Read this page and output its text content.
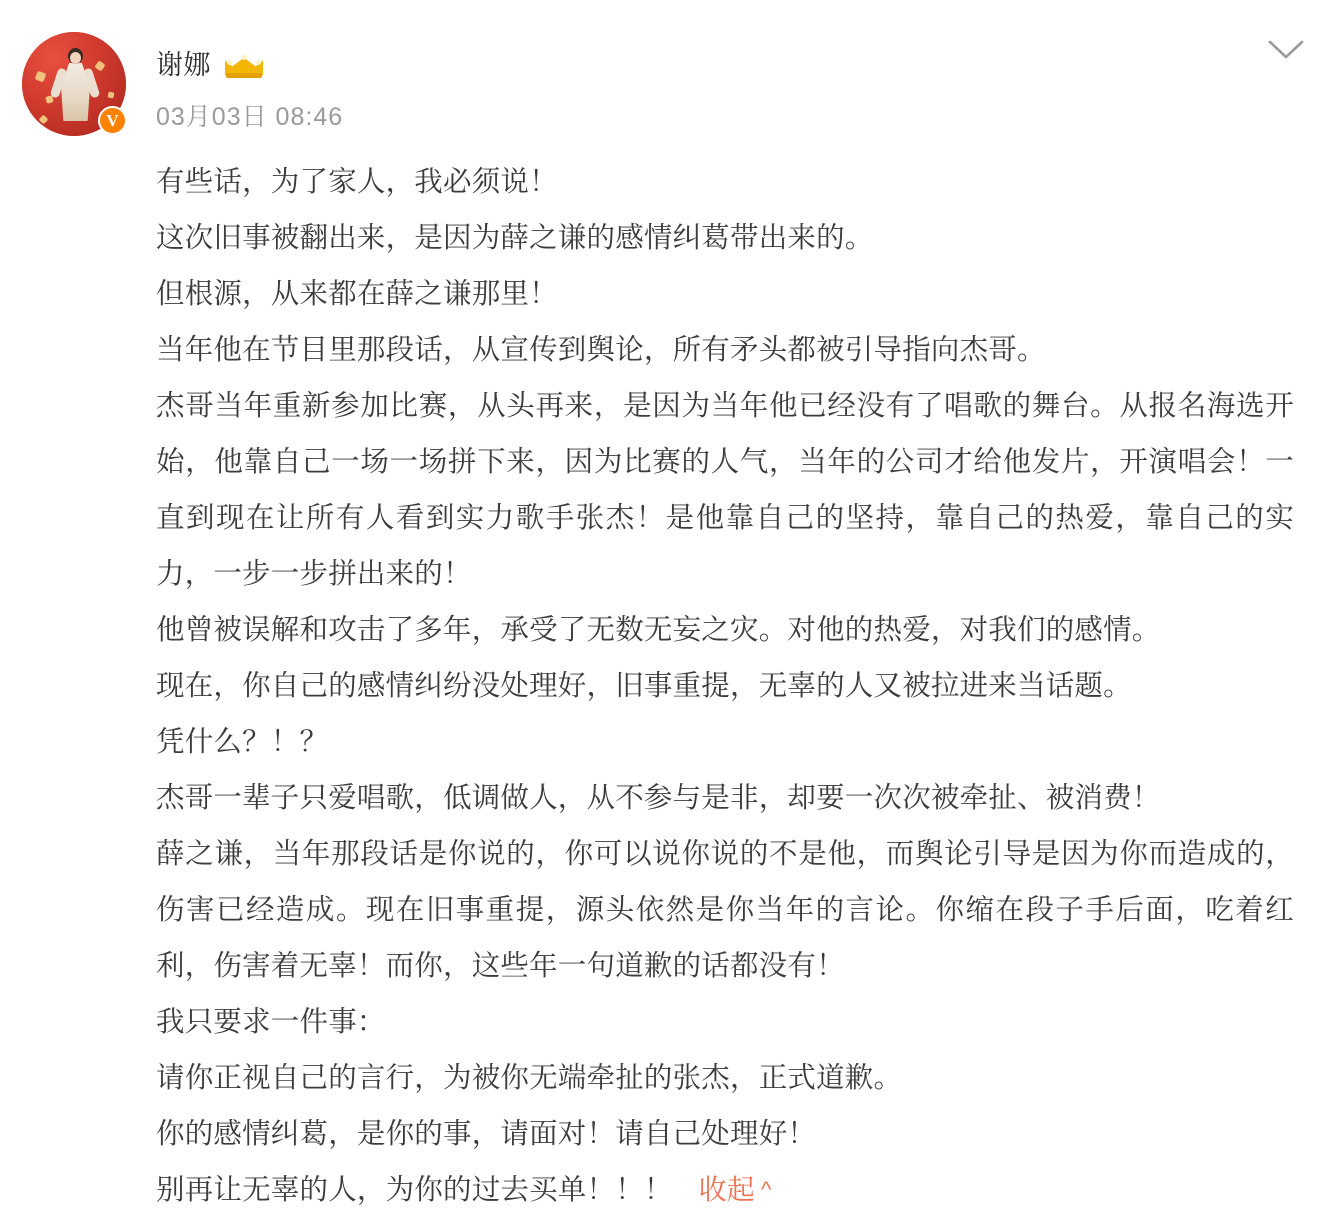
V
谢娜
03月03日 08:46

有些话，为了家人，我必须说！

这次旧事被翻出来，是因为薛之谦的感情纠葛带出来的。

但根源，从来都在薛之谦那里！

当年他在节目里那段话，从宣传到舆论，所有矛头都被引导指向杰哥。

杰哥当年重新参加比赛，从头再来，是因为当年他已经没有了唱歌的舞台。从报名海选开始，他靠自己一场一场拼下来，因为比赛的人气，当年的公司才给他发片，开演唱会！一直到现在让所有人看到实力歌手张杰！是他靠自己的坚持，靠自己的热爱，靠自己的实力，一步一步拼出来的！

他曾被误解和攻击了多年，承受了无数无妄之灾。对他的热爱，对我们的感情。

现在，你自己的感情纠纷没处理好，旧事重提，无辜的人又被拉进来当话题。

凭什么？！？

杰哥一辈子只爱唱歌，低调做人，从不参与是非，却要一次次被牵扯、被消费！

薛之谦，当年那段话是你说的，你可以说你说的不是他，而舆论引导是因为你而造成的，伤害已经造成。现在旧事重提，源头依然是你当年的言论。你缩在段子手后面，吃着红利，伤害着无辜！而你，这些年一句道歉的话都没有！

我只要求一件事：

请你正视自己的言行，为被你无端牵扯的张杰，正式道歉。

你的感情纠葛，是你的事，请面对！请自己处理好！

别再让无辜的人，为你的过去买单！！！ 收起 ^
